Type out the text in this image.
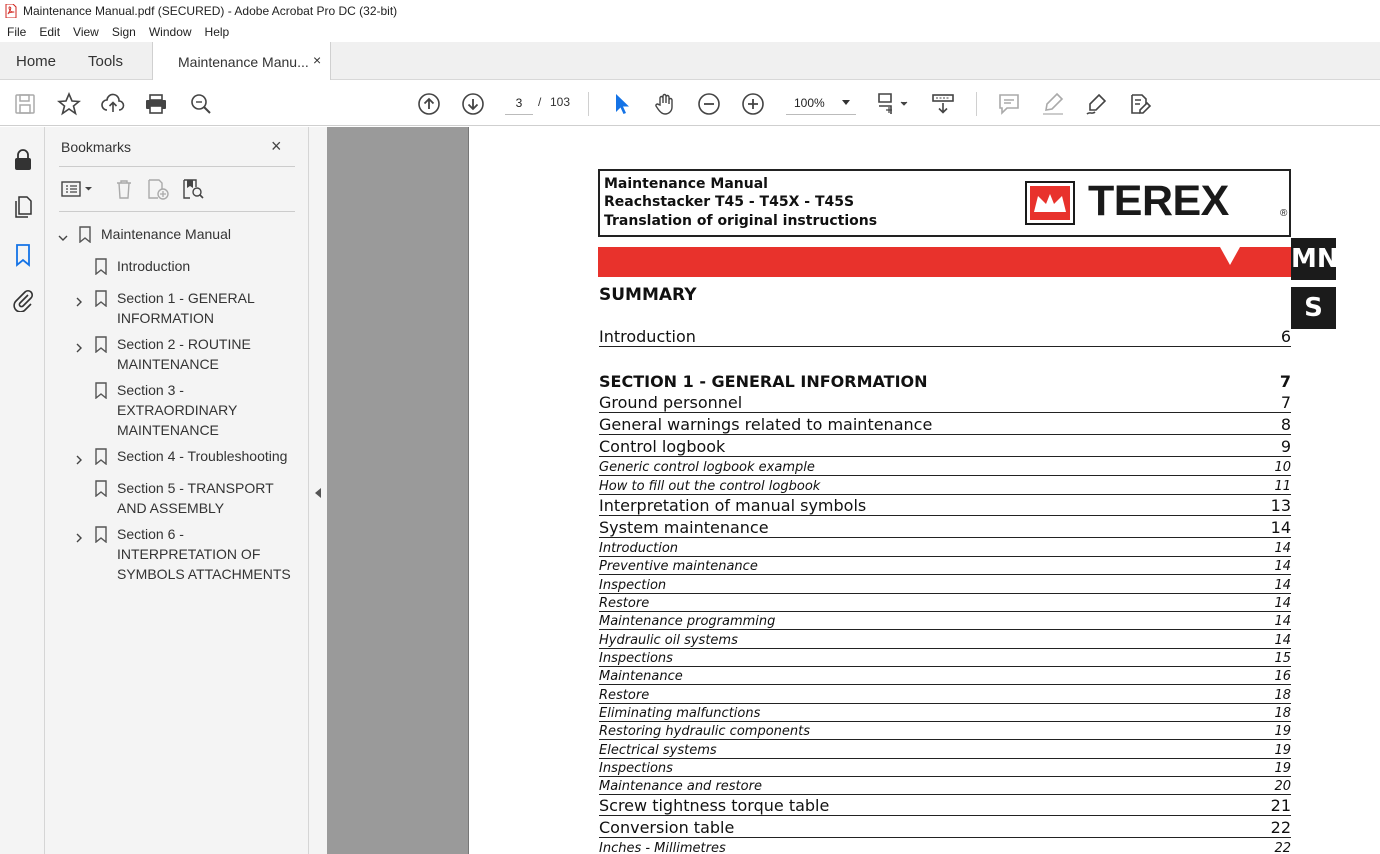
Maintenance Manual.pdf (SECURED) - Adobe Acrobat Pro DC (32-bit)
File	Edit	View	Sign	Window	Help
Home Tools	Maintenance Manu... ×
3	/ 103	100%
Bookmarks	×
Maintenance Manual
Introduction
Section 1 - GENERAL
INFORMATION
Section 2 - ROUTINE
MAINTENANCE
Section 3 -
EXTRAORDINARY
MAINTENANCE
Section 4 - Troubleshooting
Section 5 - TRANSPORT
AND ASSEMBLY
Section 6 -
INTERPRETATION OF
SYMBOLS ATTACHMENTS
Maintenance Manual
Reachstacker T45 - T45X - T45S
Translation of original instructions	TEREX	®
MN
S
SUMMARY
Introduction	6
SECTION 1 - GENERAL INFORMATION	7
Ground personnel	7
General warnings related to maintenance	8
Control logbook	9
Generic control logbook example	10
How to fill out the control logbook	11
Interpretation of manual symbols	13
System maintenance	14
Introduction	14
Preventive maintenance	14
Inspection	14
Restore	14
Maintenance programming	14
Hydraulic oil systems	14
Inspections	15
Maintenance	16
Restore	18
Eliminating malfunctions	18
Restoring hydraulic components	19
Electrical systems	19
Inspections	19
Maintenance and restore	20
Screw tightness torque table	21
Conversion table	22
Inches - Millimetres	22
